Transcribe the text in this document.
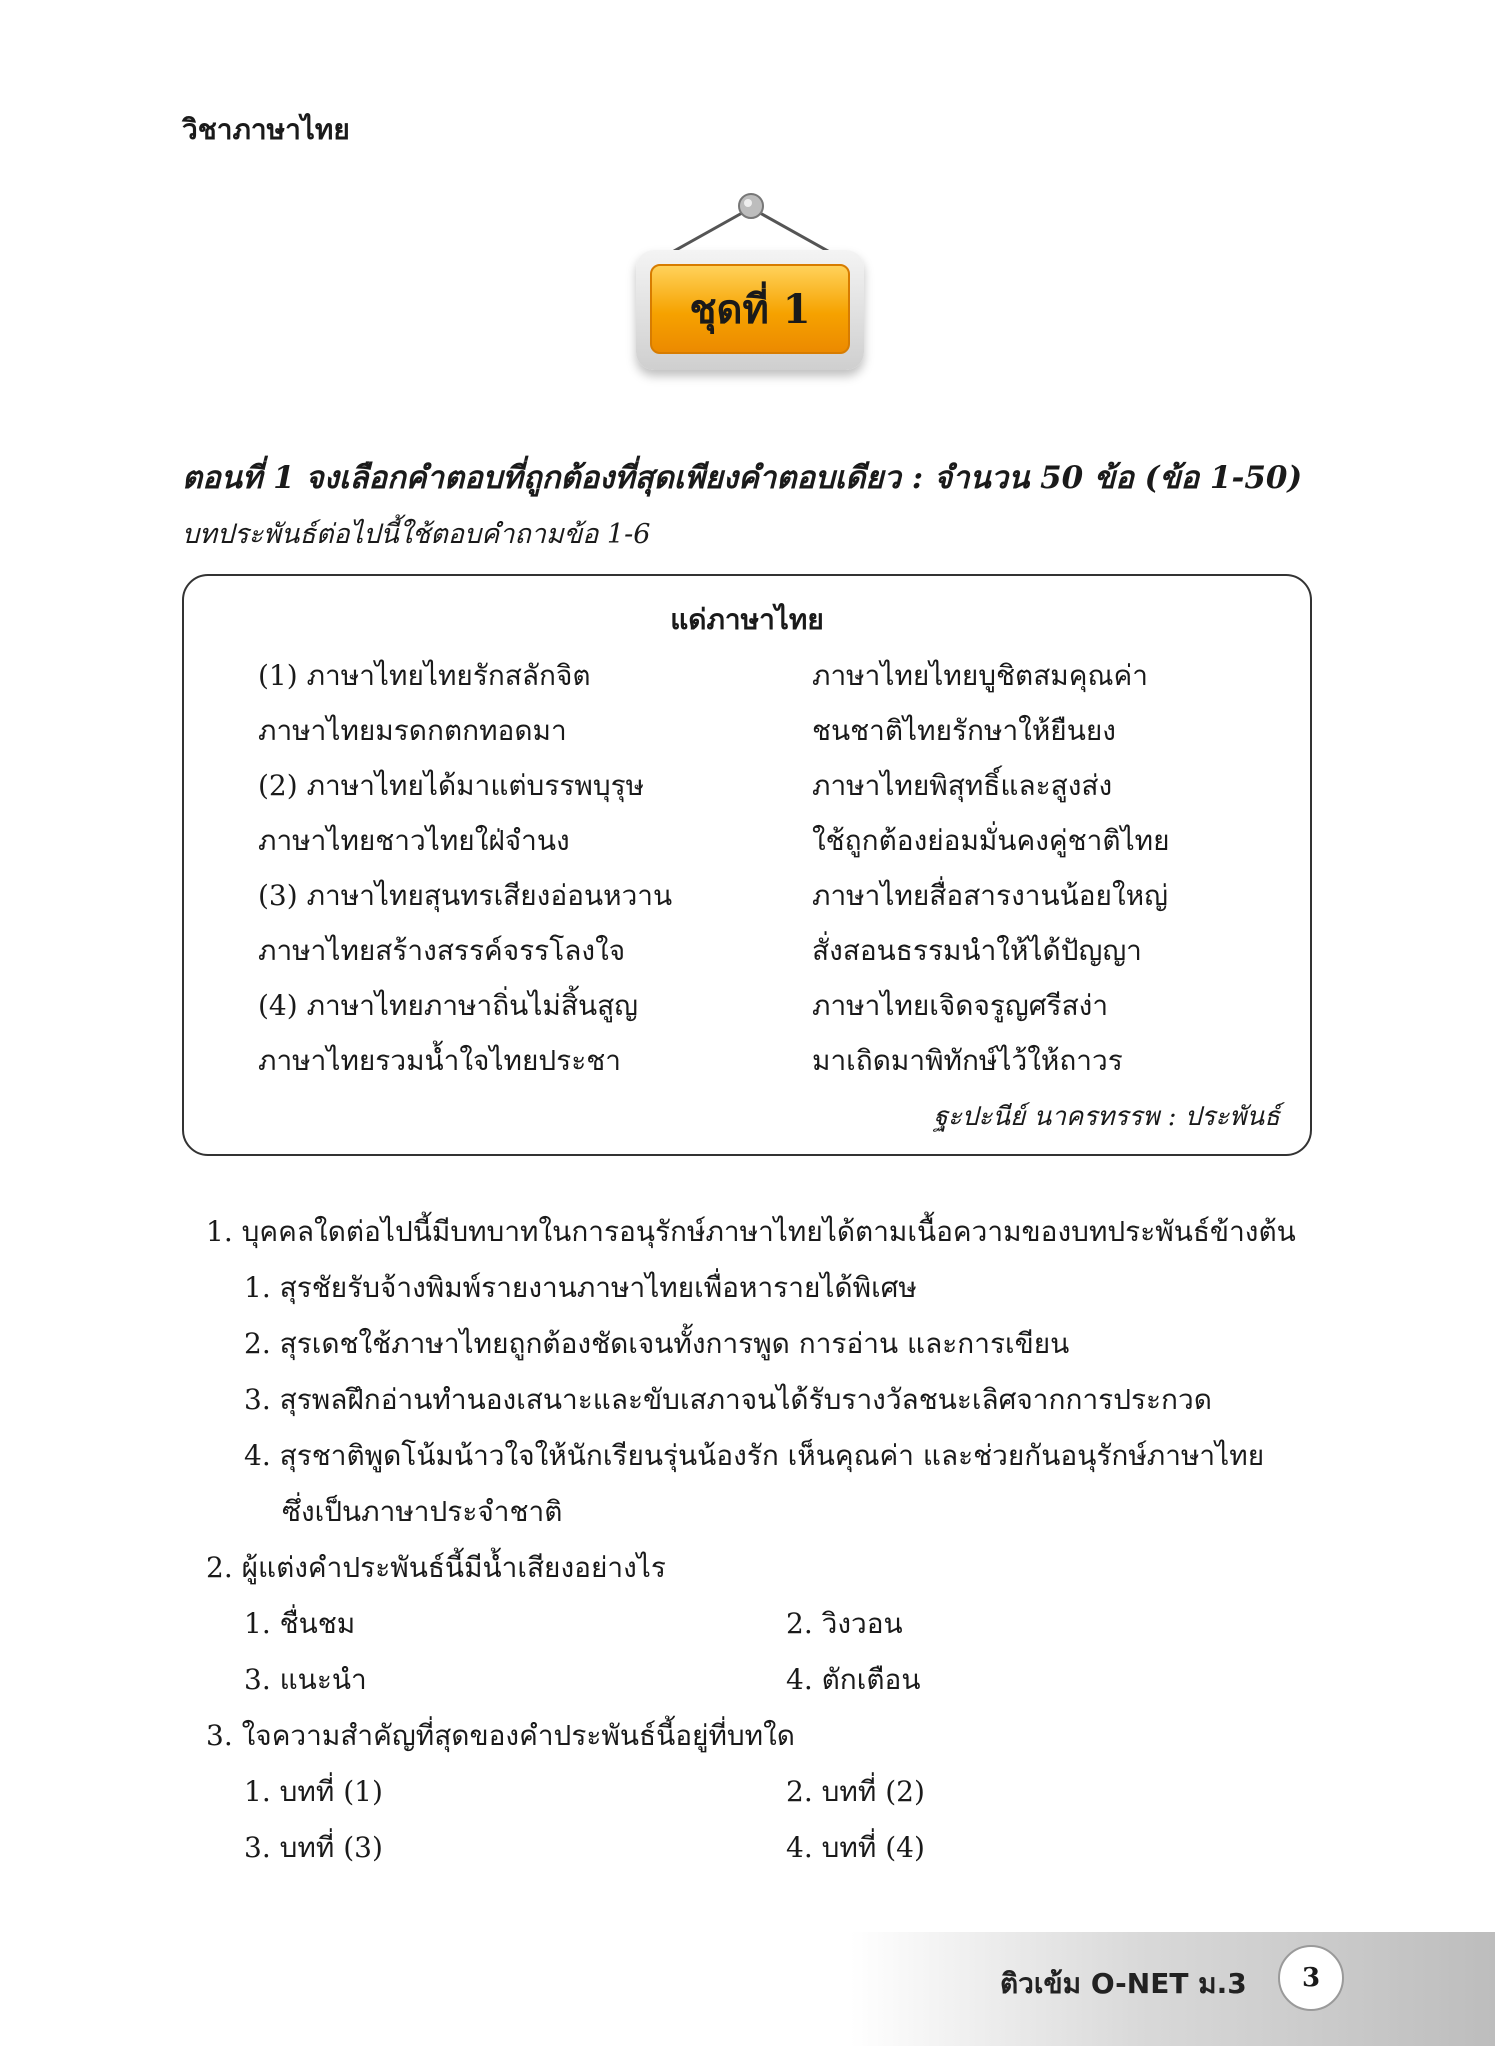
วิชาภาษาไทย
ชุดที่ 1
ตอนที่ 1 จงเลือกคำตอบที่ถูกต้องที่สุดเพียงคำตอบเดียว : จำนวน 50 ข้อ (ข้อ 1-50)
บทประพันธ์ต่อไปนี้ใช้ตอบคำถามข้อ 1-6
แด่ภาษาไทย
(1) ภาษาไทยไทยรักสลักจิต
ภาษาไทยมรดกตกทอดมา
(2) ภาษาไทยได้มาแต่บรรพบุรุษ
ภาษาไทยชาวไทยใฝ่จำนง
(3) ภาษาไทยสุนทรเสียงอ่อนหวาน
ภาษาไทยสร้างสรรค์จรรโลงใจ
(4) ภาษาไทยภาษาถิ่นไม่สิ้นสูญ
ภาษาไทยรวมน้ำใจไทยประชา
ภาษาไทยไทยบูชิตสมคุณค่า
ชนชาติไทยรักษาให้ยืนยง
ภาษาไทยพิสุทธิ์และสูงส่ง
ใช้ถูกต้องย่อมมั่นคงคู่ชาติไทย
ภาษาไทยสื่อสารงานน้อยใหญ่
สั่งสอนธรรมนำให้ได้ปัญญา
ภาษาไทยเจิดจรูญศรีสง่า
มาเถิดมาพิทักษ์ไว้ให้ถาวร
ฐะปะนีย์ นาครทรรพ : ประพันธ์
1. บุคคลใดต่อไปนี้มีบทบาทในการอนุรักษ์ภาษาไทยได้ตามเนื้อความของบทประพันธ์ข้างต้น
1. สุรชัยรับจ้างพิมพ์รายงานภาษาไทยเพื่อหารายได้พิเศษ
2. สุรเดชใช้ภาษาไทยถูกต้องชัดเจนทั้งการพูด การอ่าน และการเขียน
3. สุรพลฝึกอ่านทำนองเสนาะและขับเสภาจนได้รับรางวัลชนะเลิศจากการประกวด
4. สุรชาติพูดโน้มน้าวใจให้นักเรียนรุ่นน้องรัก เห็นคุณค่า และช่วยกันอนุรักษ์ภาษาไทย
ซึ่งเป็นภาษาประจำชาติ
2. ผู้แต่งคำประพันธ์นี้มีน้ำเสียงอย่างไร
1. ชื่นชม	2. วิงวอน
3. แนะนำ	4. ตักเตือน
3. ใจความสำคัญที่สุดของคำประพันธ์นี้อยู่ที่บทใด
1. บทที่ (1)	2. บทที่ (2)
3. บทที่ (3)	4. บทที่ (4)
ติวเข้ม O-NET ม.3	3
